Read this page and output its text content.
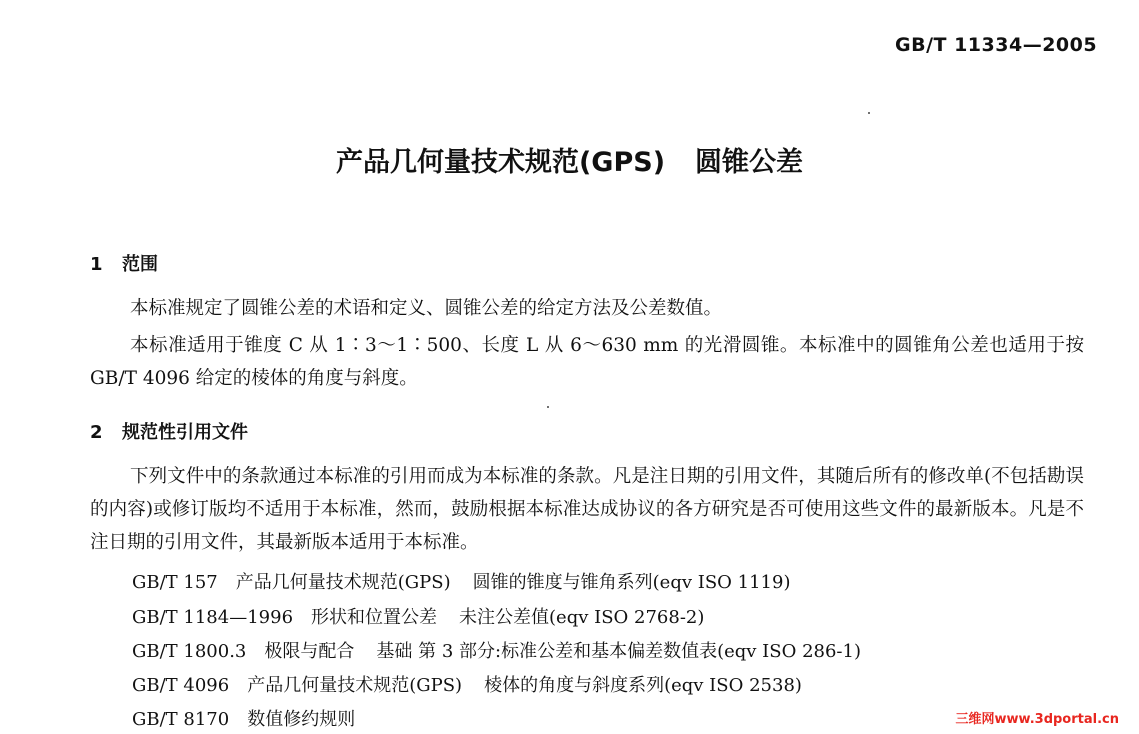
GB/T 11334—2005
产品几何量技术规范(GPS) 圆锥公差
1 范围
本标准规定了圆锥公差的术语和定义、圆锥公差的给定方法及公差数值。
本标准适用于锥度 C 从 1∶3～1∶500、长度 L 从 6～630 mm 的光滑圆锥。本标准中的圆锥角公差也适用于按 GB/T 4096 给定的棱体的角度与斜度。
2 规范性引用文件
下列文件中的条款通过本标准的引用而成为本标准的条款。凡是注日期的引用文件，其随后所有的修改单(不包括勘误的内容)或修订版均不适用于本标准，然而，鼓励根据本标准达成协议的各方研究是否可使用这些文件的最新版本。凡是不注日期的引用文件，其最新版本适用于本标准。
GB/T 157 产品几何量技术规范(GPS) 圆锥的锥度与锥角系列(eqv ISO 1119)
GB/T 1184—1996 形状和位置公差 未注公差值(eqv ISO 2768-2)
GB/T 1800.3 极限与配合 基础 第 3 部分:标准公差和基本偏差数值表(eqv ISO 286-1)
GB/T 4096 产品几何量技术规范(GPS) 棱体的角度与斜度系列(eqv ISO 2538)
GB/T 8170 数值修约规则	三维网www.3dportal.cn
